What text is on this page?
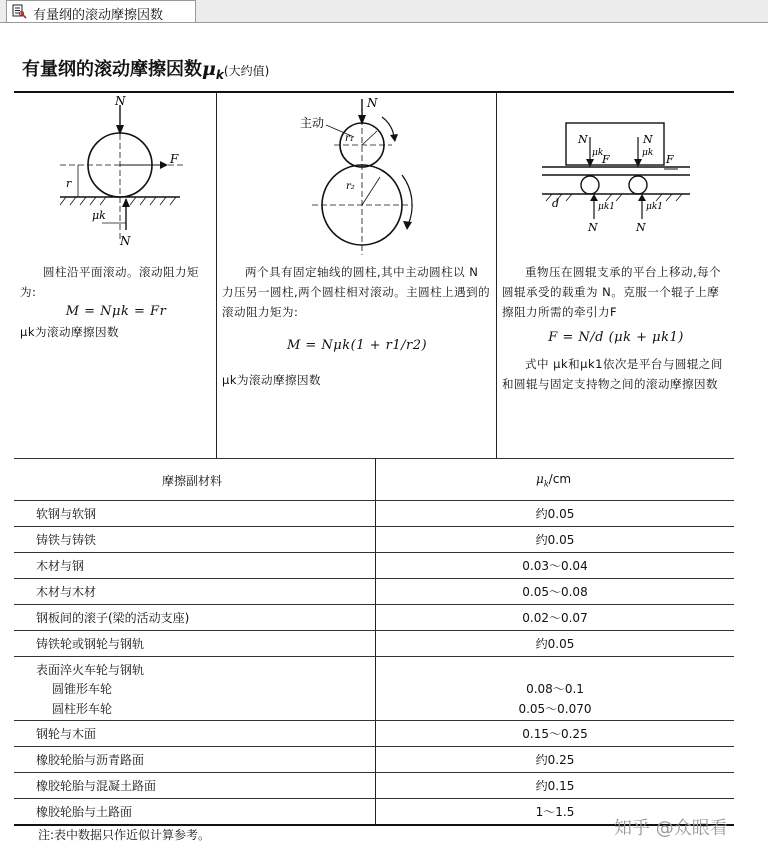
有量纲的滚动摩擦因数
有量纲的滚动摩擦因数$\mu_k$(大约值)
N
F
r
μk
N
主动
N
r₁
r₂
N	N
μk	μk
F	F
d	μk1	μk1
N	N
圆柱沿平面滚动。滚动阻力矩为:
M = Nμk = Fr
μk为滚动摩擦因数
两个具有固定轴线的圆柱,其中主动圆柱以 N 力压另一圆柱,两个圆柱相对滚动。主圆柱上遇到的滚动阻力矩为:
M = Nμk(1 + r1/r2)
μk为滚动摩擦因数
重物压在圆辊支承的平台上移动,每个圆辊承受的载重为 N。克服一个辊子上摩擦阻力所需的牵引力F
F = N/d (μk + μk1)
式中 μk和μk1依次是平台与圆辊之间和圆辊与固定支持物之间的滚动摩擦因数
摩擦副材料	$\mu_k/cm$
软钢与软钢	约0.05
铸铁与铸铁	约0.05
木材与钢	0.03～0.04
木材与木材	0.05～0.08
钢板间的滚子(梁的活动支座)	0.02～0.07
铸铁轮或钢轮与钢轨	约0.05
表面淬火车轮与钢轨
圆锥形车轮	0.08～0.1
圆柱形车轮	0.05～0.070
钢轮与木面	0.15～0.25
橡胶轮胎与沥青路面	约0.25
橡胶轮胎与混凝土路面	约0.15
橡胶轮胎与土路面	1～1.5
注:表中数据只作近似计算参考。	知乎 @众眼看
